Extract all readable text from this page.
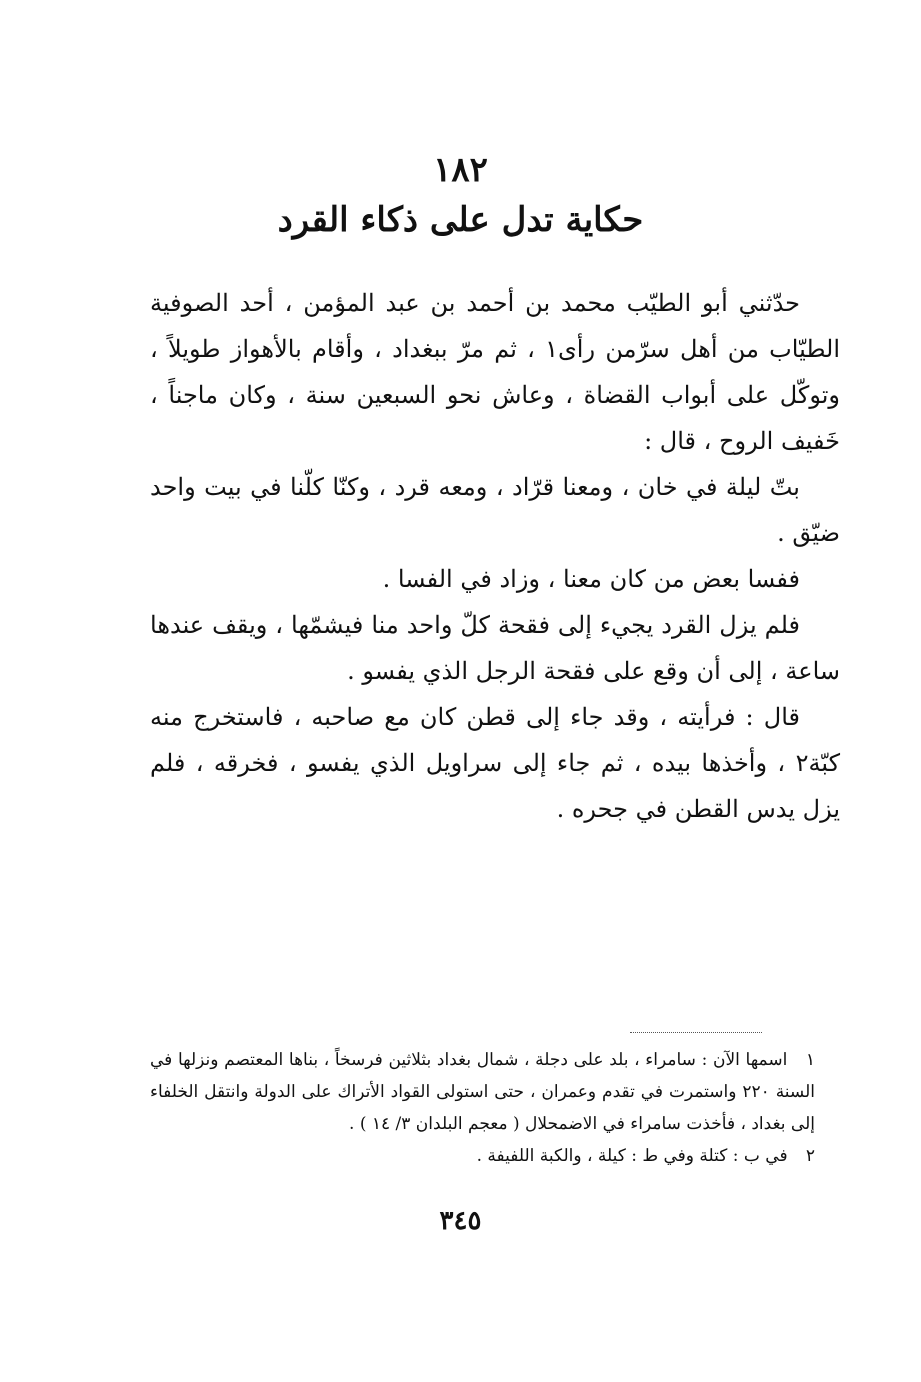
١٨٢
حكاية تدل على ذكاء القرد

حدّثني أبو الطيّب محمد بن أحمد بن عبد المؤمن ، أحد الصوفية الطيّاب من أهل سرّمن رأى١ ، ثم مرّ ببغداد ، وأقام بالأهواز طويلاً ، وتوكّل على أبواب القضاة ، وعاش نحو السبعين سنة ، وكان ماجناً ، خَفيف الروح ، قال :

بتّ ليلة في خان ، ومعنا قرّاد ، ومعه قرد ، وكنّا كلّنا في بيت واحد ضيّق .

ففسا بعض من كان معنا ، وزاد في الفسا .

فلم يزل القرد يجيء إلى فقحة كلّ واحد منا فيشمّها ، ويقف عندها ساعة ، إلى أن وقع على فقحة الرجل الذي يفسو .

قال : فرأيته ، وقد جاء إلى قطن كان مع صاحبه ، فاستخرج منه كبّة٢ ، وأخذها بيده ، ثم جاء إلى سراويل الذي يفسو ، فخرقه ، فلم يزل يدس القطن في جحره .

١ اسمها الآن : سامراء ، بلد على دجلة ، شمال بغداد بثلاثين فرسخاً ، بناها المعتصم ونزلها في السنة ٢٢٠ واستمرت في تقدم وعمران ، حتى استولى القواد الأتراك على الدولة وانتقل الخلفاء إلى بغداد ، فأخذت سامراء في الاضمحلال ( معجم البلدان ٣/ ١٤ ) .

٢ في ب : كتلة وفي ط : كيلة ، والكبة اللفيفة .

٣٤٥
